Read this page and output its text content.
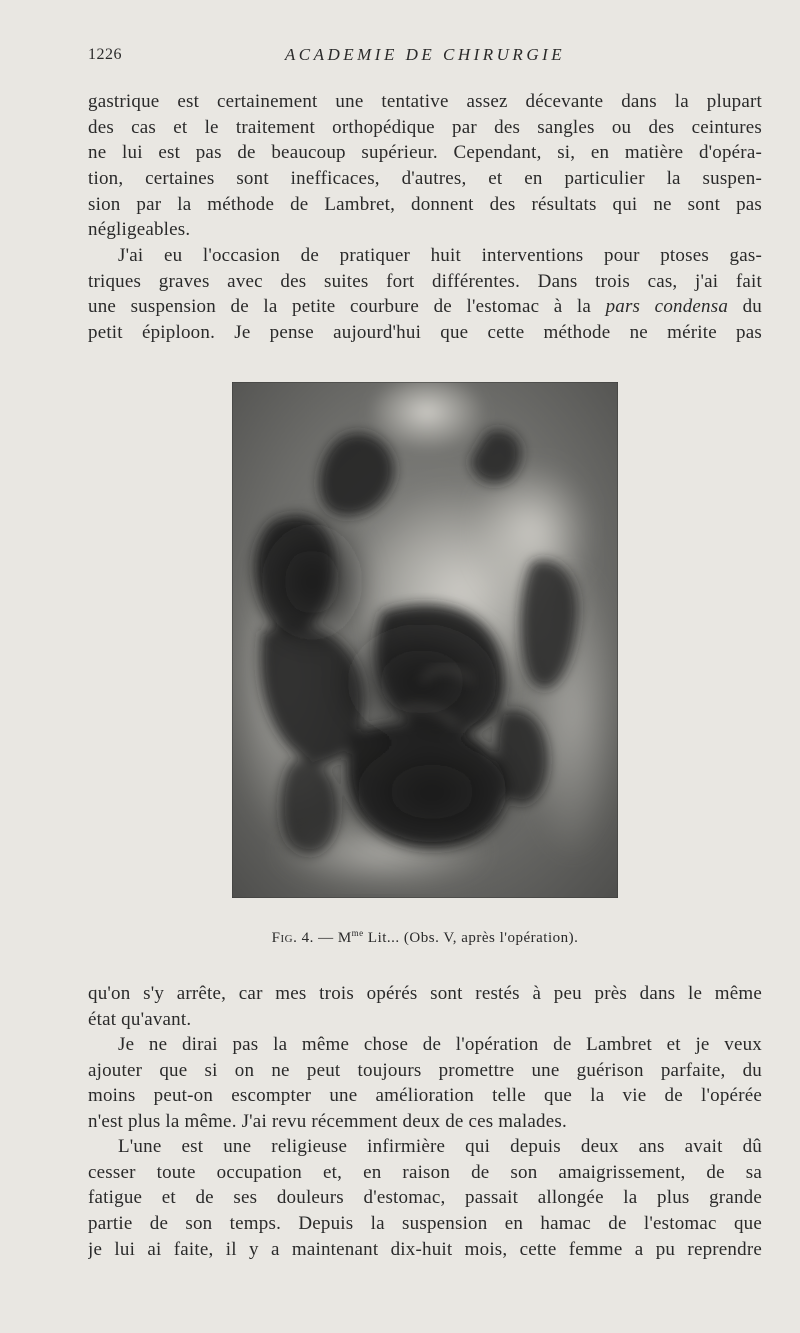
1226	ACADEMIE DE CHIRURGIE

gastrique est certainement une tentative assez décevante dans la plupart
des cas et le traitement orthopédique par des sangles ou des ceintures
ne lui est pas de beaucoup supérieur. Cependant, si, en matière d'opéra-
tion, certaines sont inefficaces, d'autres, et en particulier la suspen-
sion par la méthode de Lambret, donnent des résultats qui ne sont pas
négligeables.

J'ai eu l'occasion de pratiquer huit interventions pour ptoses gas-
triques graves avec des suites fort différentes. Dans trois cas, j'ai fait
une suspension de la petite courbure de l'estomac à la pars condensa du
petit épiploon. Je pense aujourd'hui que cette méthode ne mérite pas

Fig. 4. — $M^{me}$ Lit... (Obs. V, après l'opération).

qu'on s'y arrête, car mes trois opérés sont restés à peu près dans le même
état qu'avant.

Je ne dirai pas la même chose de l'opération de Lambret et je veux
ajouter que si on ne peut toujours promettre une guérison parfaite, du
moins peut-on escompter une amélioration telle que la vie de l'opérée
n'est plus la même. J'ai revu récemment deux de ces malades.

L'une est une religieuse infirmière qui depuis deux ans avait dû
cesser toute occupation et, en raison de son amaigrissement, de sa
fatigue et de ses douleurs d'estomac, passait allongée la plus grande
partie de son temps. Depuis la suspension en hamac de l'estomac que
je lui ai faite, il y a maintenant dix-huit mois, cette femme a pu reprendre
